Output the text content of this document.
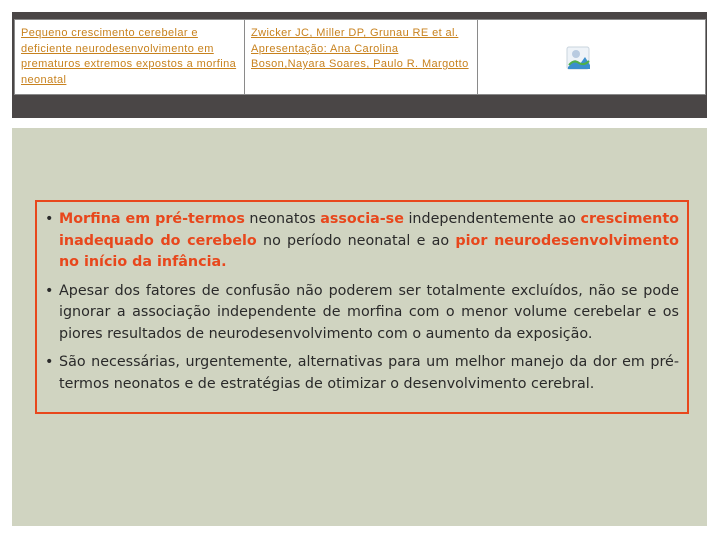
Pequeno crescimento cerebelar e deficiente neurodesenvolvimento em prematuros extremos expostos a morfina neonatal
Zwicker JC, Miller DP, Grunau RE et al. Apresentação: Ana Carolina Boson,Nayara Soares, Paulo R. Margotto
• Morfina em pré-termos neonatos associa-se independentemente ao crescimento inadequado do cerebelo no período neonatal e ao pior neurodesenvolvimento no início da infância.
• Apesar dos fatores de confusão não poderem ser totalmente excluídos, não se pode ignorar a associação independente de morfina com o menor volume cerebelar e os piores resultados de neurodesenvolvimento com o aumento da exposição.
• São necessárias, urgentemente, alternativas para um melhor manejo da dor em pré-termos neonatos e de estratégias de otimizar o desenvolvimento cerebral.
